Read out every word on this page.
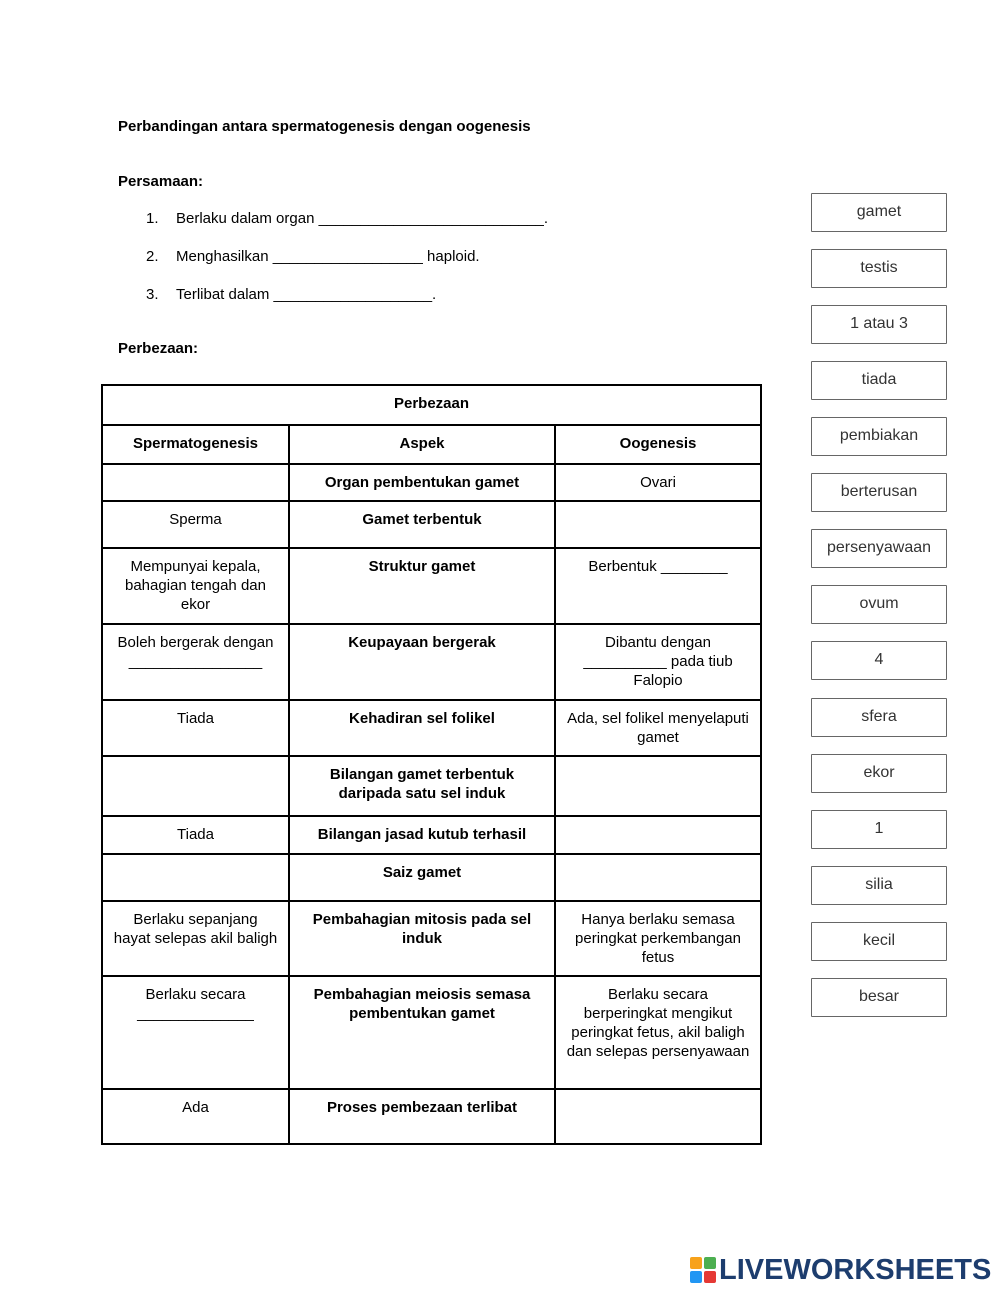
Perbandingan antara spermatogenesis dengan oogenesis
Persamaan:
1. Berlaku dalam organ ___________________________.
2. Menghasilkan __________________ haploid.
3. Terlibat dalam ___________________.
Perbezaan:
Perbezaan		
Spermatogenesis	Aspek	Oogenesis
	Organ pembentukan gamet	Ovari
Sperma	Gamet terbentuk	
Mempunyai kepala, bahagian tengah dan ekor	Struktur gamet	Berbentuk ________
Boleh bergerak dengan ________________	Keupayaan bergerak	Dibantu dengan __________ pada tiub Falopio
Tiada	Kehadiran sel folikel	Ada, sel folikel menyelaputi gamet
	Bilangan gamet terbentuk daripada satu sel induk	
Tiada	Bilangan jasad kutub terhasil	
	Saiz gamet	
Berlaku sepanjang hayat selepas akil baligh	Pembahagian mitosis pada sel induk	Hanya berlaku semasa peringkat perkembangan fetus
Berlaku secara ______________	Pembahagian meiosis semasa pembentukan gamet	Berlaku secara berperingkat mengikut peringkat fetus, akil baligh dan selepas persenyawaan
Ada	Proses pembezaan terlibat	
gamet
testis
1 atau 3
tiada
pembiakan
berterusan
persenyawaan
ovum
4
sfera
ekor
1
silia
kecil
besar
LIVEWORKSHEETS
